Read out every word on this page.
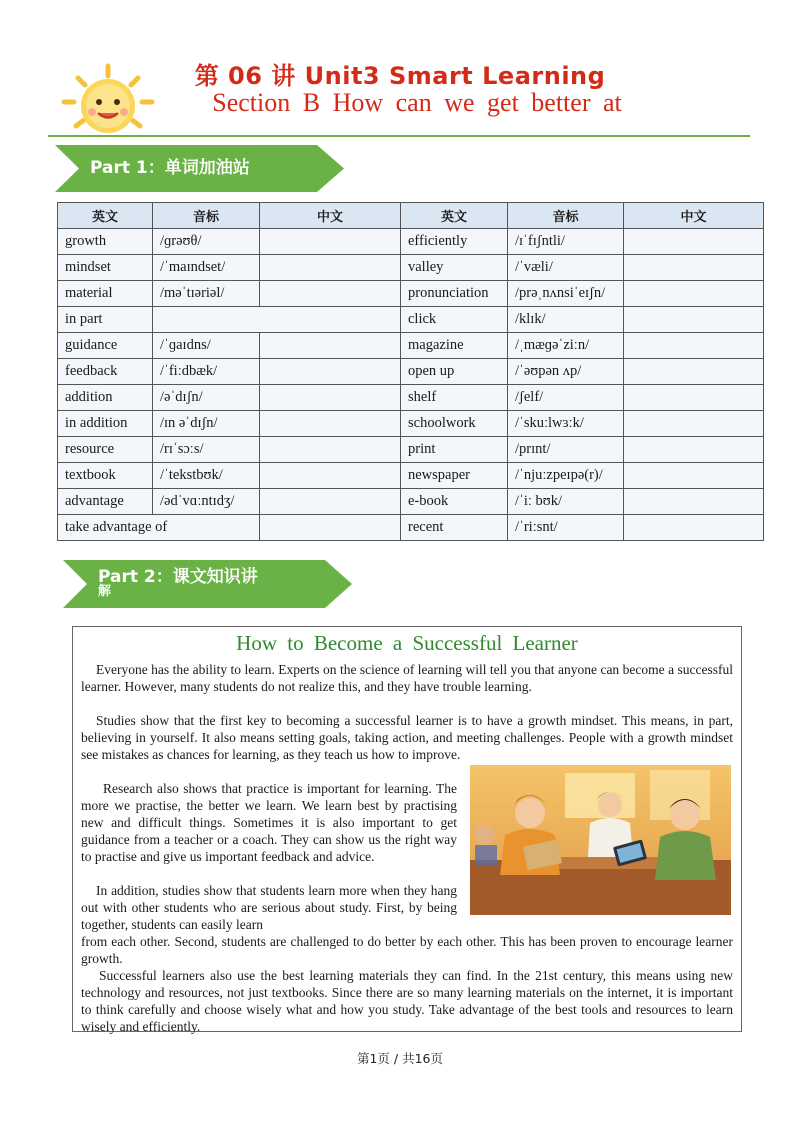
第 06 讲 Unit3 Smart Learning
Section B How can we get better at
Part 1：单词加油站
英文	音标	中文	英文	音标	中文
growth	/ɡrəʊθ/		efficiently	/ɪˈfɪʃntli/	
mindset	/ˈmaɪndset/		valley	/ˈvæli/	
material	/məˈtɪəriəl/		pronunciation	/prəˌnʌnsiˈeɪʃn/	
in part			click	/klɪk/	
guidance	/ˈɡaɪdns/		magazine	/ˌmæɡəˈziːn/	
feedback	/ˈfiːdbæk/		open up	/ˈəʊpən ʌp/	
addition	/əˈdɪʃn/		shelf	/ʃelf/	
in addition	/ɪn əˈdɪʃn/		schoolwork	/ˈskuːlwɜːk/	
resource	/rɪˈsɔːs/		print	/prɪnt/	
textbook	/ˈtekstbʊk/		newspaper	/ˈnjuːzpeɪpə(r)/	
advantage	/ədˈvɑːntɪdʒ/		e-book	/ˈiː bʊk/	
take advantage of			recent	/ˈriːsnt/	
Part 2：课文知识讲
解
How to Become a Successful Learner
Everyone has the ability to learn. Experts on the science of learning will tell you that anyone can become a successful learner. However, many students do not realize this, and they have trouble learning.
Studies show that the first key to becoming a successful learner is to have a growth mindset. This means, in part, believing in yourself. It also means setting goals, taking action, and meeting challenges. People with a growth mindset see mistakes as chances for learning, as they teach us how to improve.
Research also shows that practice is important for learning. The more we practise, the better we learn. We learn best by practising new and difficult things. Sometimes it is also important to get guidance from a teacher or a coach. They can show us the right way to practise and give us important feedback and advice.
In addition, studies show that students learn more when they hang out with other students who are serious about study. First, by being together, students can easily learn
from each other. Second, students are challenged to do better by each other. This has been proven to encourage learner growth.
Successful learners also use the best learning materials they can find. In the 21st century, this means using new technology and resources, not just textbooks. Since there are so many learning materials on the internet, it is important to think carefully and choose wisely what and how you study. Take advantage of the best tools and resources to learn wisely and efficiently.
第1页 / 共16页
